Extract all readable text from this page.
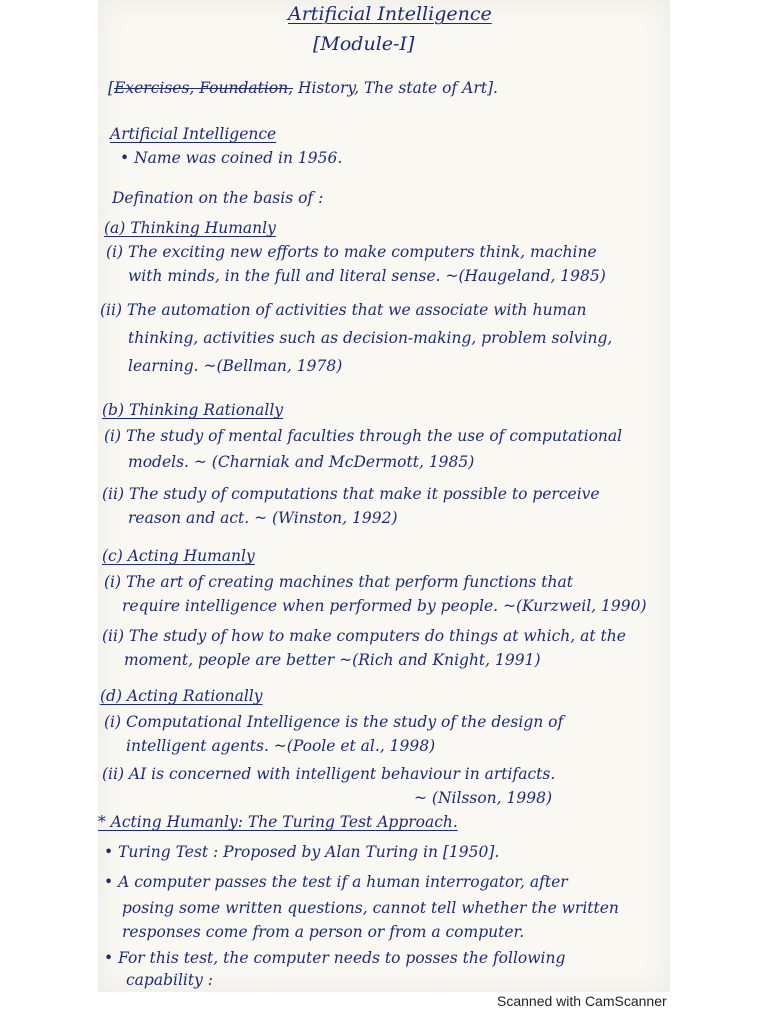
Artificial Intelligence
[Module-I]
[Exercises, Foundation, History, The state of Art].
Artificial Intelligence
• Name was coined in 1956.
Defination on the basis of :
(a) Thinking Humanly
(i) The exciting new efforts to make computers think, machine
with minds, in the full and literal sense. ~(Haugeland, 1985)
(ii) The automation of activities that we associate with human
thinking, activities such as decision-making, problem solving,
learning. ~(Bellman, 1978)
(b) Thinking Rationally
(i) The study of mental faculties through the use of computational
models. ~ (Charniak and McDermott, 1985)
(ii) The study of computations that make it possible to perceive
reason and act. ~ (Winston, 1992)
(c) Acting Humanly
(i) The art of creating machines that perform functions that
require intelligence when performed by people. ~(Kurzweil, 1990)
(ii) The study of how to make computers do things at which, at the
moment, people are better ~(Rich and Knight, 1991)
(d) Acting Rationally
(i) Computational Intelligence is the study of the design of
intelligent agents. ~(Poole et al., 1998)
(ii) AI is concerned with intelligent behaviour in artifacts.
~ (Nilsson, 1998)
* Acting Humanly: The Turing Test Approach.
• Turing Test : Proposed by Alan Turing in [1950].
• A computer passes the test if a human interrogator, after
posing some written questions, cannot tell whether the written
responses come from a person or from a computer.
• For this test, the computer needs to posses the following
capability :
Scanned with CamScanner
